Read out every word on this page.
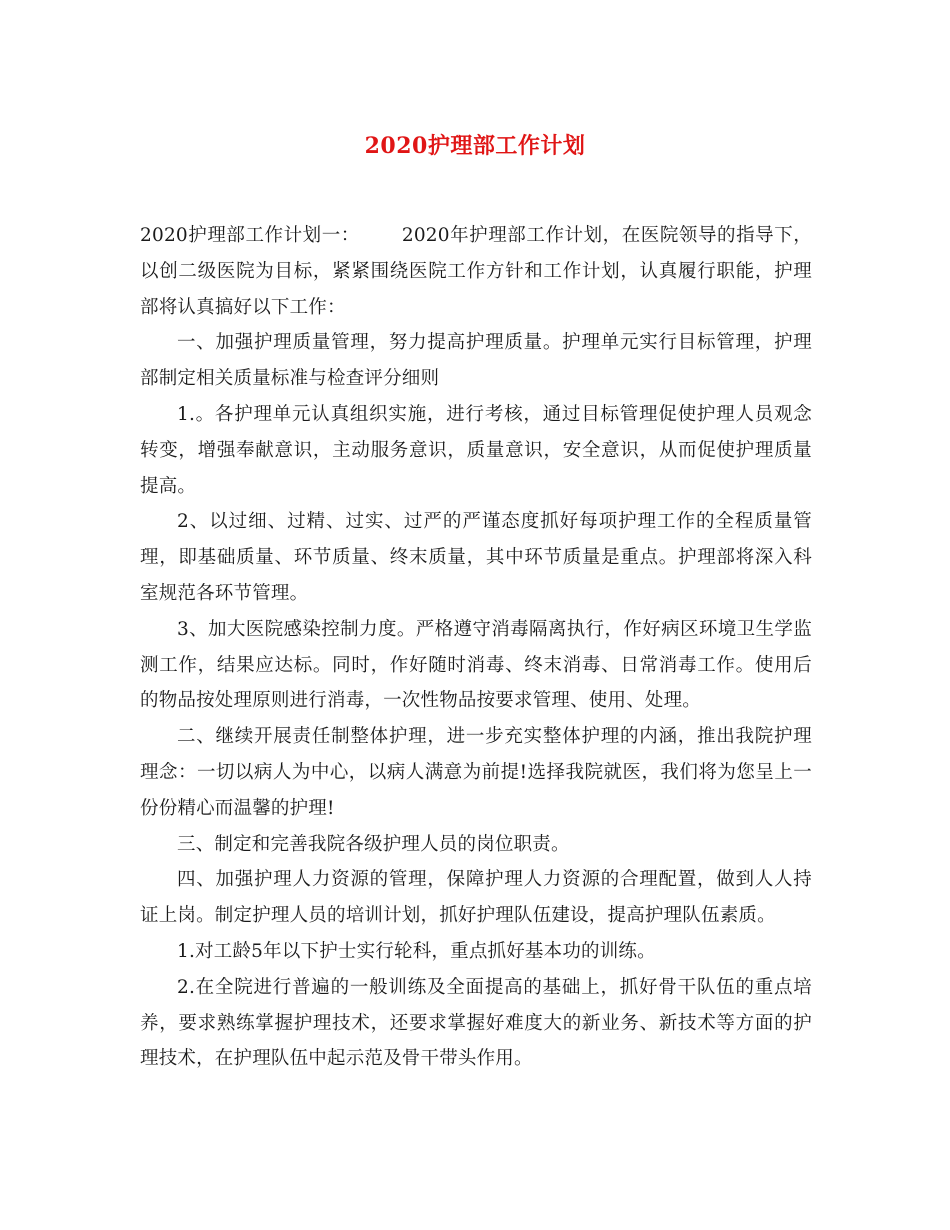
2020护理部工作计划

2020护理部工作计划一： 2020年护理部工作计划，在医院领导的指导下，以创二级医院为目标，紧紧围绕医院工作方针和工作计划，认真履行职能，护理部将认真搞好以下工作：

一、加强护理质量管理，努力提高护理质量。护理单元实行目标管理，护理部制定相关质量标准与检查评分细则

1.。各护理单元认真组织实施，进行考核，通过目标管理促使护理人员观念转变，增强奉献意识，主动服务意识，质量意识，安全意识，从而促使护理质量提高。

2、以过细、过精、过实、过严的严谨态度抓好每项护理工作的全程质量管理，即基础质量、环节质量、终末质量，其中环节质量是重点。护理部将深入科室规范各环节管理。

3、加大医院感染控制力度。严格遵守消毒隔离执行，作好病区环境卫生学监测工作，结果应达标。同时，作好随时消毒、终末消毒、日常消毒工作。使用后的物品按处理原则进行消毒，一次性物品按要求管理、使用、处理。

二、继续开展责任制整体护理，进一步充实整体护理的内涵，推出我院护理理念：一切以病人为中心，以病人满意为前提!选择我院就医，我们将为您呈上一份份精心而温馨的护理!

三、制定和完善我院各级护理人员的岗位职责。

四、加强护理人力资源的管理，保障护理人力资源的合理配置，做到人人持证上岗。制定护理人员的培训计划，抓好护理队伍建设，提高护理队伍素质。

1.对工龄5年以下护士实行轮科，重点抓好基本功的训练。

2.在全院进行普遍的一般训练及全面提高的基础上，抓好骨干队伍的重点培养，要求熟练掌握护理技术，还要求掌握好难度大的新业务、新技术等方面的护理技术，在护理队伍中起示范及骨干带头作用。
